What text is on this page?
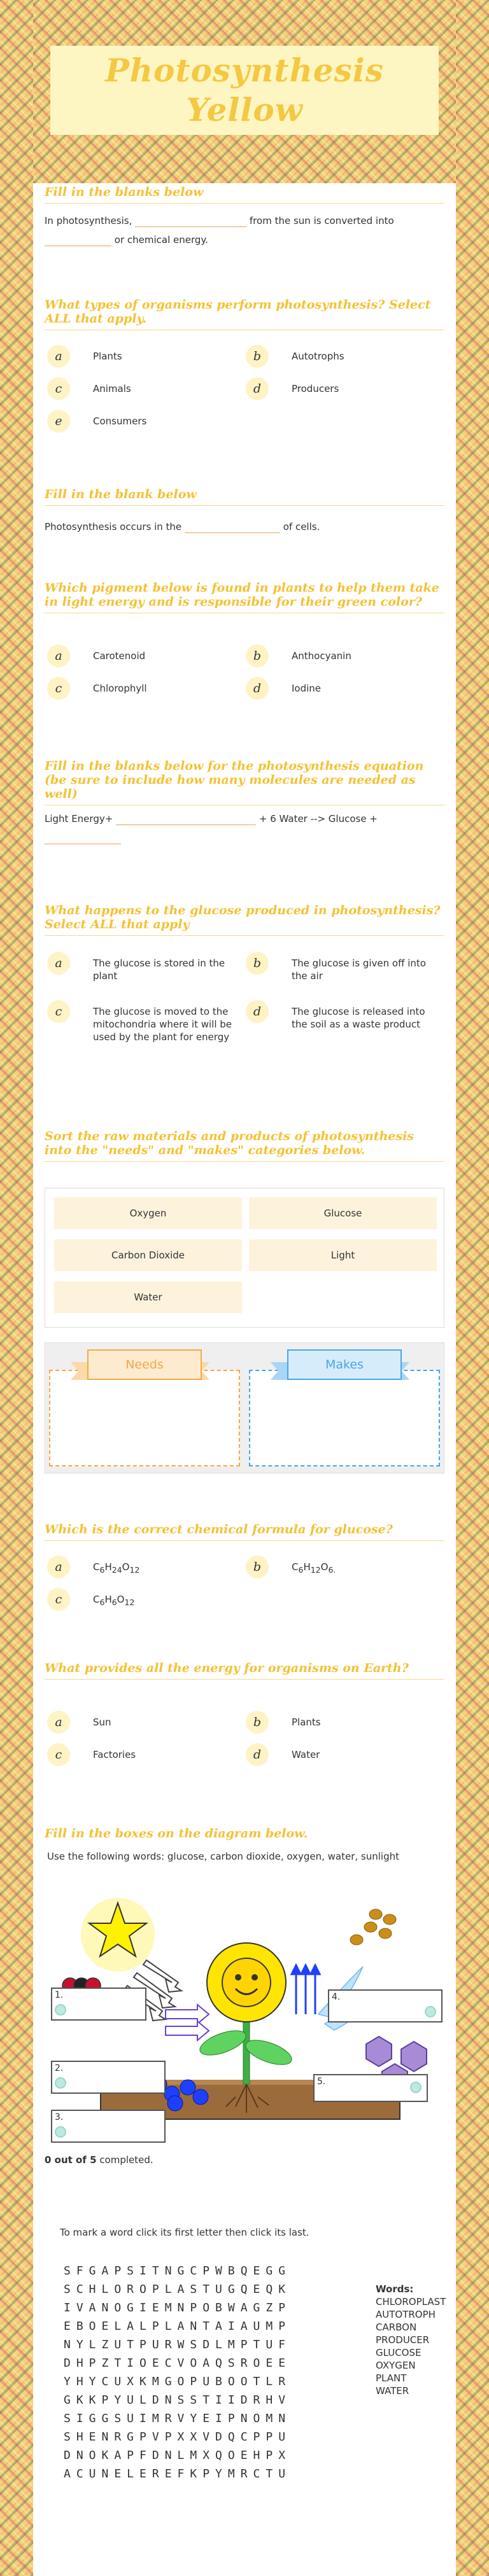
Photosynthesis
Yellow
Fill in the blanks below
In photosynthesis,	from the sun is converted into
or chemical energy.
What types of organisms perform photosynthesis? Select ALL that apply.
a	Plants	b	Autotrophs
c	Animals	d	Producers
e	Consumers
Fill in the blank below
Photosynthesis occurs in the	of cells.
Which pigment below is found in plants to help them take in light energy and is responsible for their green color?
a	Carotenoid	b	Anthocyanin
c	Chlorophyll	d	Iodine
Fill in the blanks below for the photosynthesis equation (be sure to include how many molecules are needed as well)
Light Energy+	+ 6 Water --> Glucose +

What happens to the glucose produced in photosynthesis? Select ALL that apply
a	The glucose is stored in the plant
b	The glucose is given off into the air
c	The glucose is moved to the mitochondria where it will be used by the plant for energy
d	The glucose is released into the soil as a waste product
Sort the raw materials and products of photosynthesis into the "needs" and "makes" categories below.
Oxygen	Glucose
Carbon Dioxide	Light
Water
Needs	Makes
Which is the correct chemical formula for glucose?
a	$C_6H_{24}O_{12}$	b	$C_6H_{12}O_{6.}$
c	$C_6H_6O_{12}$
What provides all the energy for organisms on Earth?
a	Sun	b	Plants
c	Factories	d	Water
Fill in the boxes on the diagram below.
Use the following words: glucose, carbon dioxide, oxygen, water, sunlight
1.
2.
3.
4.
5.
0 out of 5 completed.
To mark a word click its first letter then click its last.
SFGAPSITNGCPWBQEGG
SCHLOROPLASTUGQEQK
IVANOGIEMNPOBWAGZP
EBOELALPLANTAIAUMP
NYLZUTPURWSDLMPTUF
DHPZTIOECVOAQSROEE
YHYCUXKMGOPUBOOTLR
GKKPYULDNSSTIIDRHV
SIGGSUIMRVYEIPNOMN
SHENRGPVPXXVDQCPPU
DNOKAPFDNLMXQOEHPX
ACUNELEREFKPYMRCTU
Words:
CHLOROPLAST
AUTOTROPH
CARBON
PRODUCER
GLUCOSE
OXYGEN
PLANT
WATER
